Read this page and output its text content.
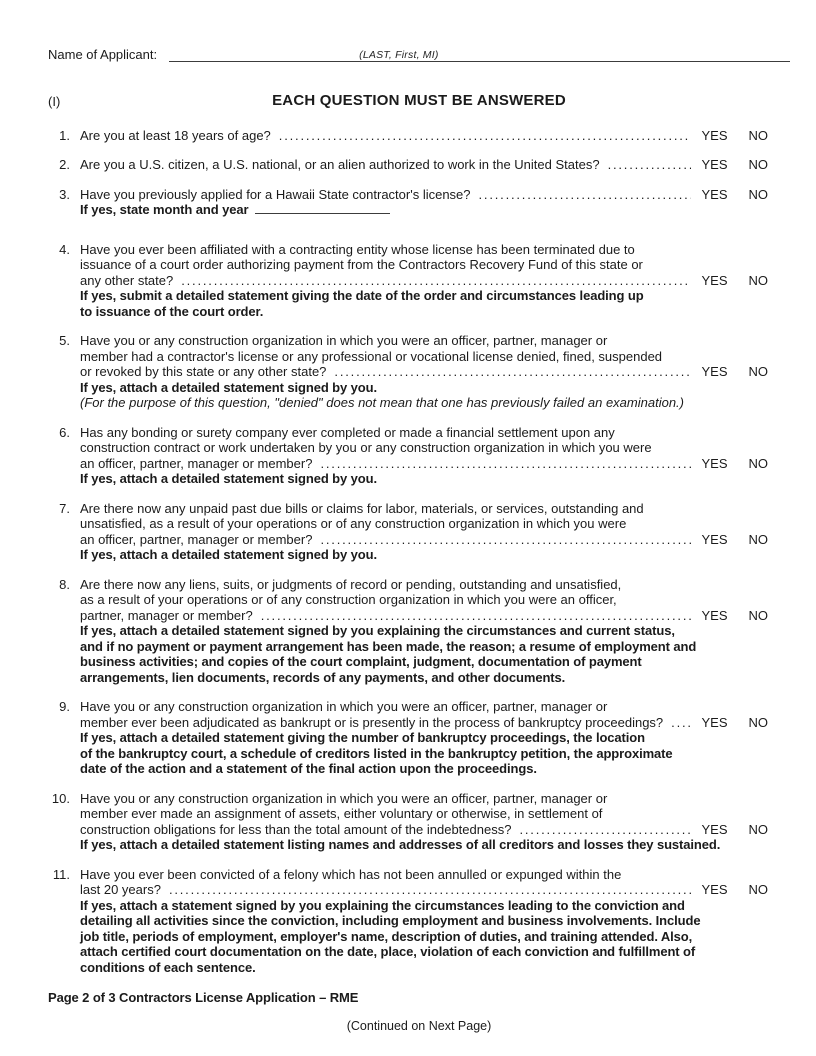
Name of Applicant:	(LAST, First, MI)
(I)	EACH QUESTION MUST BE ANSWERED
1. Are you at least 18 years of age? .....	YES NO
2. Are you a U.S. citizen, a U.S. national, or an alien authorized to work in the United States? .....	YES NO
3. Have you previously applied for a Hawaii State contractor's license? .....	YES NO
If yes, state month and year
4. Have you ever been affiliated with a contracting entity whose license has been terminated due to
issuance of a court order authorizing payment from the Contractors Recovery Fund of this state or
any other state? .....	YES NO
If yes, submit a detailed statement giving the date of the order and circumstances leading up
to issuance of the court order.
5. Have you or any construction organization in which you were an officer, partner, manager or
member had a contractor's license or any professional or vocational license denied, fined, suspended
or revoked by this state or any other state? .....	YES NO
If yes, attach a detailed statement signed by you.
(For the purpose of this question, "denied" does not mean that one has previously failed an examination.)
6. Has any bonding or surety company ever completed or made a financial settlement upon any
construction contract or work undertaken by you or any construction organization in which you were
an officer, partner, manager or member? .....	YES NO
If yes, attach a detailed statement signed by you.
7. Are there now any unpaid past due bills or claims for labor, materials, or services, outstanding and
unsatisfied, as a result of your operations or of any construction organization in which you were
an officer, partner, manager or member? .....	YES NO
If yes, attach a detailed statement signed by you.
8. Are there now any liens, suits, or judgments of record or pending, outstanding and unsatisfied,
as a result of your operations or of any construction organization in which you were an officer,
partner, manager or member? .....	YES NO
If yes, attach a detailed statement signed by you explaining the circumstances and current status,
and if no payment or payment arrangement has been made, the reason; a resume of employment and
business activities; and copies of the court complaint, judgment, documentation of payment
arrangements, lien documents, records of any payments, and other documents.
9. Have you or any construction organization in which you were an officer, partner, manager or
member ever been adjudicated as bankrupt or is presently in the process of bankruptcy proceedings? .....	YES NO
If yes, attach a detailed statement giving the number of bankruptcy proceedings, the location
of the bankruptcy court, a schedule of creditors listed in the bankruptcy petition, the approximate
date of the action and a statement of the final action upon the proceedings.
10. Have you or any construction organization in which you were an officer, partner, manager or
member ever made an assignment of assets, either voluntary or otherwise, in settlement of
construction obligations for less than the total amount of the indebtedness? .....	YES NO
If yes, attach a detailed statement listing names and addresses of all creditors and losses they sustained.
11. Have you ever been convicted of a felony which has not been annulled or expunged within the
last 20 years? .....	YES NO
If yes, attach a statement signed by you explaining the circumstances leading to the conviction and
detailing all activities since the conviction, including employment and business involvements. Include
job title, periods of employment, employer's name, description of duties, and training attended. Also,
attach certified court documentation on the date, place, violation of each conviction and fulfillment of
conditions of each sentence.
Page 2 of 3 Contractors License Application – RME
(Continued on Next Page)
